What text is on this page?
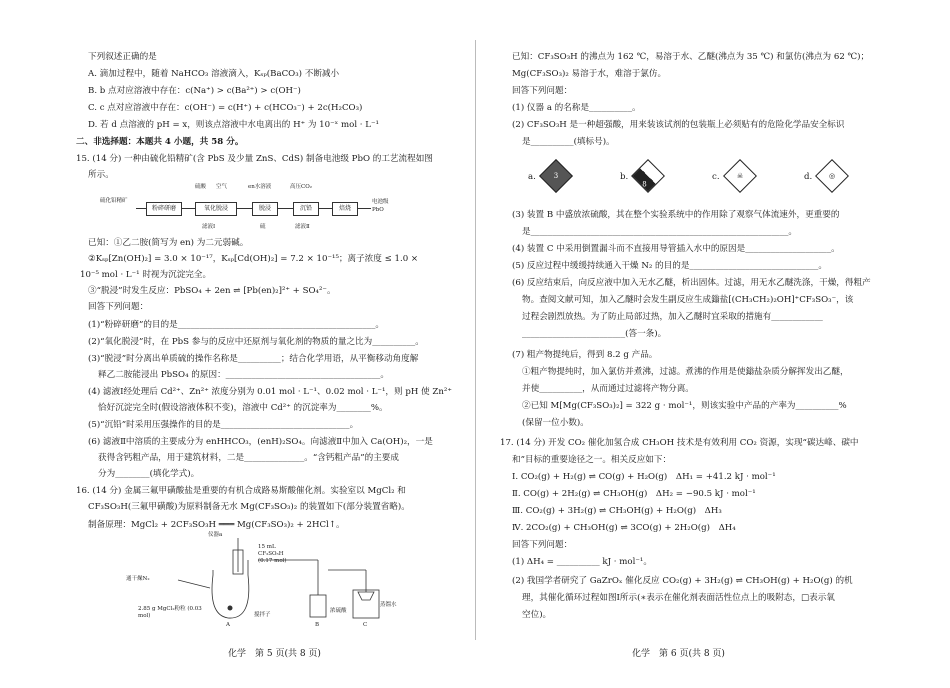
下列叙述正确的是
A. 滴加过程中，随着 NaHCO₃ 溶液滴入，Kₛₚ(BaCO₃) 不断减小
B. b 点对应溶液中存在：c(Na⁺) > c(Ba²⁺) > c(OH⁻)
C. c 点对应溶液中存在：c(OH⁻) = c(H⁺) + c(HCO₃⁻) + 2c(H₂CO₃)
D. 若 d 点溶液的 pH = x，则该点溶液中水电离出的 H⁺ 为 10⁻ˣ mol · L⁻¹
二、非选择题：本题共 4 小题，共 58 分。
15. (14 分) 一种由硫化铅精矿(含 PbS 及少量 ZnS、CdS) 制备电池级 PbO 的工艺流程如图
所示。
硫化铅精矿
粉碎研磨	氧化脱浸	脱浸	沉铅	焙烧
电池级PbO
硫酸 空气	en水溶液	高压CO₂
滤液Ⅰ	硫	滤液Ⅱ
已知：①乙二胺(简写为 en) 为二元弱碱。
②Kₛₚ[Zn(OH)₂] = 3.0 × 10⁻¹⁷，Kₛₚ[Cd(OH)₂] = 7.2 × 10⁻¹⁵；离子浓度 ≤ 1.0 ×
10⁻⁵ mol · L⁻¹ 时视为沉淀完全。
③“脱浸”时发生反应：PbSO₄ + 2en ⇌ [Pb(en)₂]²⁺ + SO₄²⁻。
回答下列问题：
(1)“粉碎研磨”的目的是______________________________________________。
(2)“氧化脱浸”时，在 PbS 参与的反应中还原剂与氧化剂的物质的量之比为__________。
(3)“脱浸”时分离出单质硫的操作名称是__________；结合化学用语，从平衡移动角度解
释乙二胺能浸出 PbSO₄ 的原因：____________________________________。
(4) 滤液Ⅰ经处理后 Cd²⁺、Zn²⁺ 浓度分别为 0.01 mol · L⁻¹、0.02 mol · L⁻¹，则 pH 使 Zn²⁺
恰好沉淀完全时(假设溶液体积不变)，溶液中 Cd²⁺ 的沉淀率为________%。
(5)“沉铅”时采用压强操作的目的是______________________________。
(6) 滤液Ⅱ中溶质的主要成分为 enHHCO₃，(enH)₂SO₄。向滤液Ⅱ中加入 Ca(OH)₂，一是
获得含钙粗产品，用于建筑材料，二是______________。“含钙粗产品”的主要成
分为________(填化学式)。
16. (14 分) 金属三氟甲磺酸盐是重要的有机合成路易斯酸催化剂。实验室以 MgCl₂ 和
CF₃SO₃H(三氟甲磺酸)为原料制备无水 Mg(CF₃SO₃)₂ 的装置如下(部分装置省略)。
制备原理：MgCl₂ + 2CF₃SO₃H ═══ Mg(CF₃SO₃)₂ + 2HCl↑。
仪器a
15 mL CF₃SO₃H (0.17 mol)
通干燥N₂
2.85 g MgCl₂粉粒 (0.03 mol)	搅拌子
浓硫酸
蒸馏水
A	B	C
化学　第 5 页(共 8 页)
已知：CF₃SO₃H 的沸点为 162 ℃，易溶于水、乙醚(沸点为 35 ℃) 和氯仿(沸点为 62 ℃)；
Mg(CF₃SO₃)₂ 易溶于水，难溶于氯仿。
回答下列问题：
(1) 仪器 a 的名称是__________。
(2) CF₃SO₃H 是一种超强酸，用来装该试剂的包装瓶上必须贴有的危险化学品安全标识
是__________(填标号)。
a.	3	b.
8
c.	☠	d.	◎
(3) 装置 B 中盛放浓硫酸，其在整个实验系统中的作用除了观察气体流速外，更重要的
是____________________________________________________________。
(4) 装置 C 中采用倒置漏斗而不直接用导管插入水中的原因是____________________。
(5) 反应过程中缓缓持续通入干燥 N₂ 的目的是______________________________。
(6) 反应结束后，向反应液中加入无水乙醚，析出固体。过滤，用无水乙醚洗涤，干燥，得粗产
物。查阅文献可知，加入乙醚时会发生副反应生成鎓盐[(CH₃CH₂)₂OH]⁺CF₃SO₃⁻，该
过程会剧烈放热。为了防止局部过热，加入乙醚时宜采取的措施有____________
________________________(答一条)。
(7) 粗产物提纯后，得到 8.2 g 产品。
①粗产物提纯时，加入氯仿并煮沸，过滤。煮沸的作用是使鎓盐杂质分解挥发出乙醚，
并使__________，从而通过过滤将产物分离。
②已知 M[Mg(CF₃SO₃)₂] = 322 g · mol⁻¹，则该实验中产品的产率为__________%
(保留一位小数)。
17. (14 分) 开发 CO₂ 催化加氢合成 CH₃OH 技术是有效利用 CO₂ 资源，实现“碳达峰、碳中
和”目标的重要途径之一。相关反应如下：
Ⅰ. CO₂(g) + H₂(g) ⇌ CO(g) + H₂O(g)　ΔH₁ = +41.2 kJ · mol⁻¹
Ⅱ. CO(g) + 2H₂(g) ⇌ CH₃OH(g)　ΔH₂ = −90.5 kJ · mol⁻¹
Ⅲ. CO₂(g) + 3H₂(g) ⇌ CH₃OH(g) + H₂O(g)　ΔH₃
Ⅳ. 2CO₂(g) + CH₃OH(g) ⇌ 3CO(g) + 2H₂O(g)　ΔH₄
回答下列问题：
(1) ΔH₄ = __________ kJ · mol⁻¹。
(2) 我国学者研究了 GaZrOₓ 催化反应 CO₂(g) + 3H₂(g) ⇌ CH₃OH(g) + H₂O(g) 的机
理，其催化循环过程如图Ⅰ所示(∗表示在催化剂表面活性位点上的吸附态，□表示氧
空位)。
化学　第 6 页(共 8 页)
